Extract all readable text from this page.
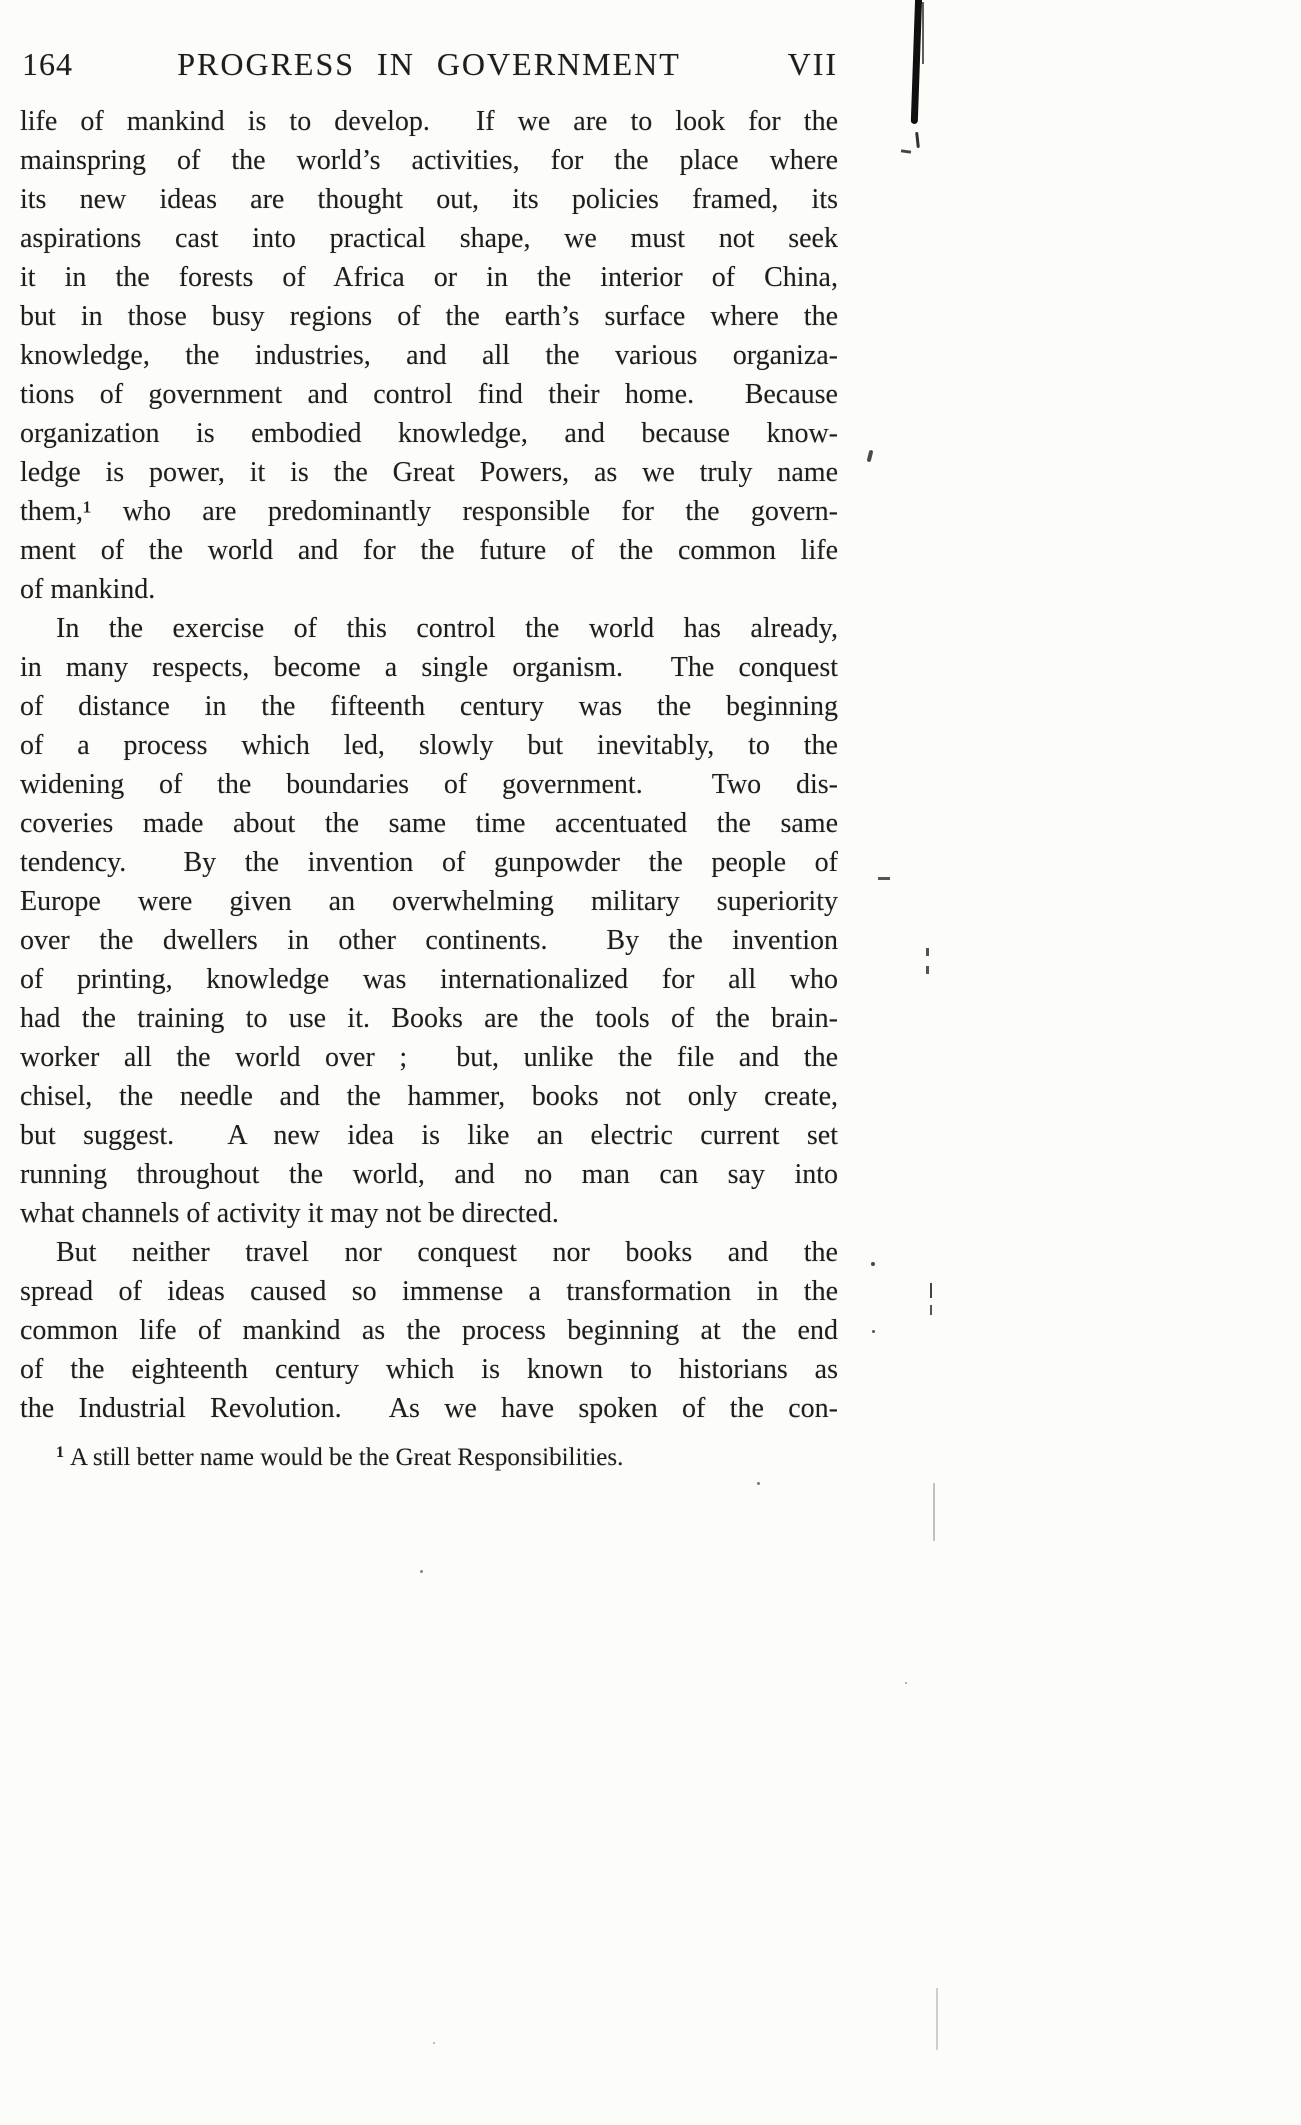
164	PROGRESS IN GOVERNMENT	VII
life of mankind is to develop.  If we are to look for the
mainspring of the world’s activities, for the place where
its new ideas are thought out, its policies framed, its
aspirations cast into practical shape, we must not seek
it in the forests of Africa or in the interior of China,
but in those busy regions of the earth’s surface where the
knowledge, the industries, and all the various organiza-
tions of government and control find their home.  Because
organization is embodied knowledge, and because know-
ledge is power, it is the Great Powers, as we truly name
them,¹ who are predominantly responsible for the govern-
ment of the world and for the future of the common life
of mankind.
In the exercise of this control the world has already,
in many respects, become a single organism.  The conquest
of distance in the fifteenth century was the beginning
of a process which led, slowly but inevitably, to the
widening of the boundaries of government.  Two dis-
coveries made about the same time accentuated the same
tendency.  By the invention of gunpowder the people of
Europe were given an overwhelming military superiority
over the dwellers in other continents.  By the invention
of printing, knowledge was internationalized for all who
had the training to use it. Books are the tools of the brain-
worker all the world over ;  but, unlike the file and the
chisel, the needle and the hammer, books not only create,
but suggest.  A new idea is like an electric current set
running throughout the world, and no man can say into
what channels of activity it may not be directed.
But neither travel nor conquest nor books and the
spread of ideas caused so immense a transformation in the
common life of mankind as the process beginning at the end
of the eighteenth century which is known to historians as
the Industrial Revolution.  As we have spoken of the con-
$^1$ A still better name would be the Great Responsibilities.
